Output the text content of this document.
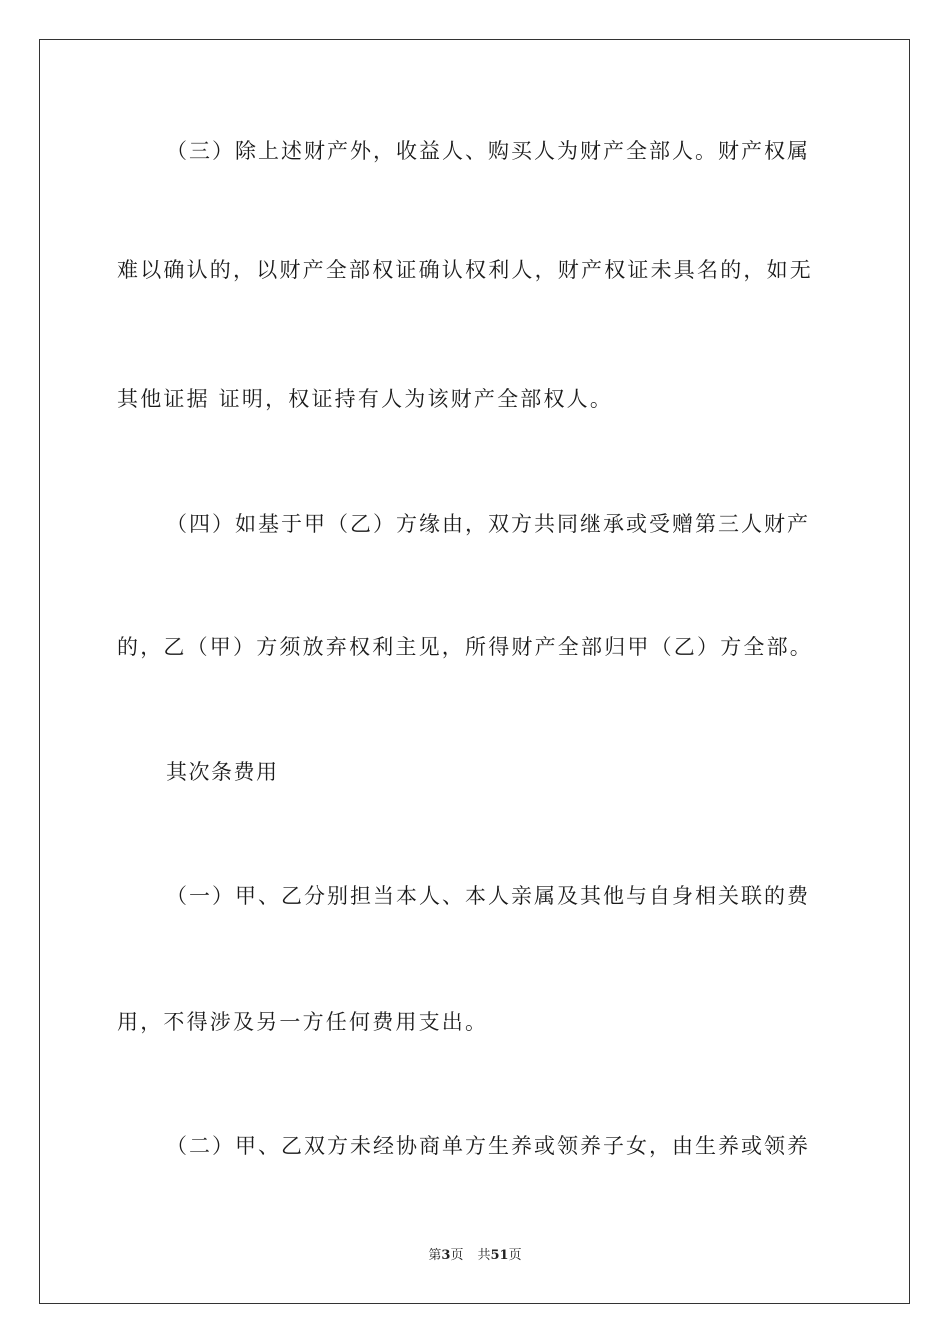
（三）除上述财产外，收益人、购买人为财产全部人。财产权属
难以确认的，以财产全部权证确认权利人，财产权证未具名的，如无
其他证据 证明，权证持有人为该财产全部权人。
（四）如基于甲（乙）方缘由，双方共同继承或受赠第三人财产
的，乙（甲）方须放弃权利主见，所得财产全部归甲（乙）方全部。
其次条费用
（一）甲、乙分别担当本人、本人亲属及其他与自身相关联的费
用，不得涉及另一方任何费用支出。
（二）甲、乙双方未经协商单方生养或领养子女，由生养或领养
第3页 共51页
